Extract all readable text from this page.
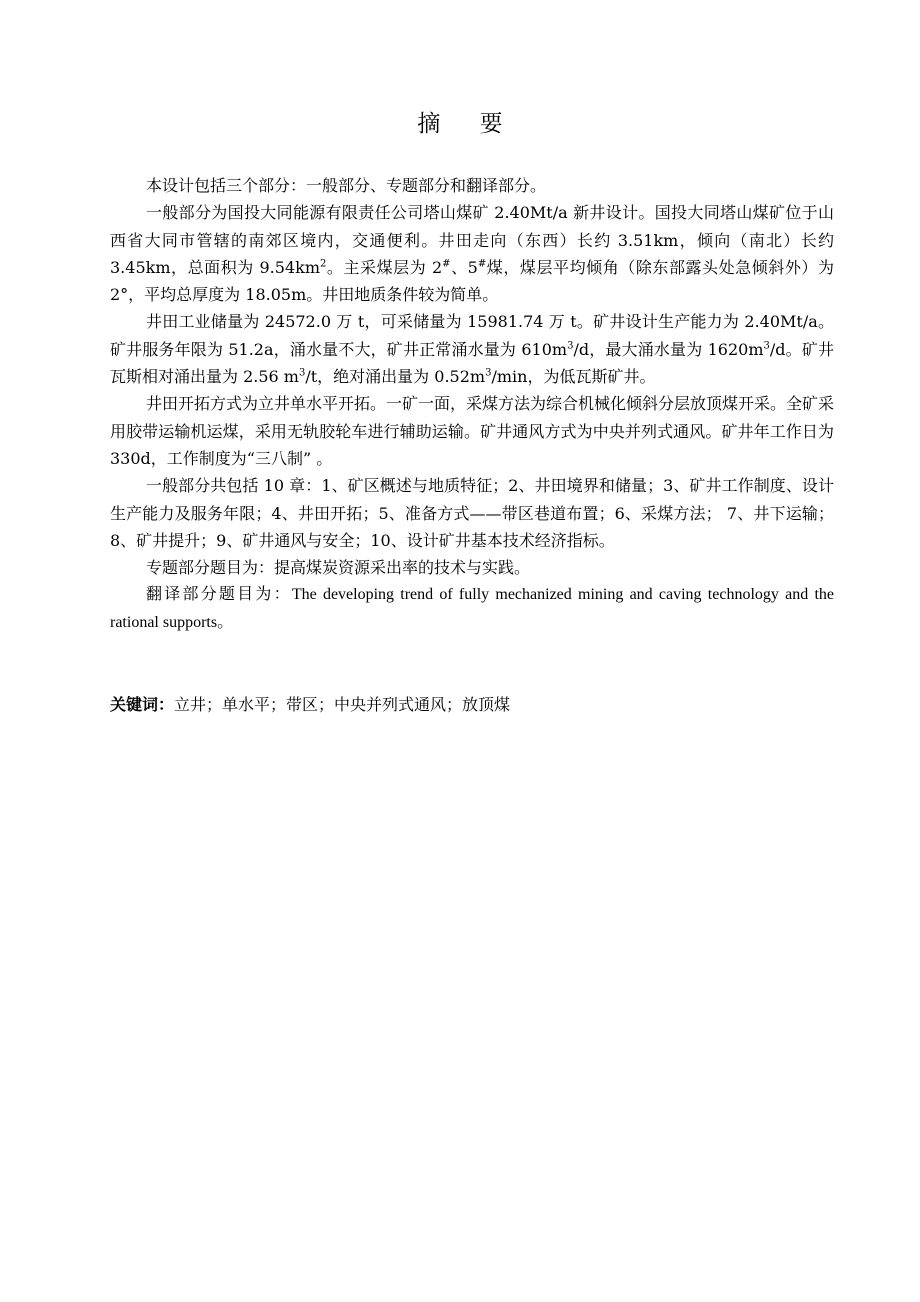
摘 要

本设计包括三个部分：一般部分、专题部分和翻译部分。

一般部分为国投大同能源有限责任公司塔山煤矿 2.40Mt/a 新井设计。国投大同塔山煤矿位于山西省大同市管辖的南郊区境内，交通便利。井田走向（东西）长约 3.51km，倾向（南北）长约 3.45km，总面积为 $9.54km^2$。主采煤层为 2#、5#煤，煤层平均倾角（除东部露头处急倾斜外）为 2°，平均总厚度为 18.05m。井田地质条件较为简单。

井田工业储量为 24572.0 万 t，可采储量为 15981.74 万 t。矿井设计生产能力为 2.40Mt/a。矿井服务年限为 51.2a，涌水量不大，矿井正常涌水量为 $610m^3/d$，最大涌水量为 $1620m^3/d$。矿井瓦斯相对涌出量为 2.56 $m^3/t$，绝对涌出量为 $0.52m^3/\min$，为低瓦斯矿井。

井田开拓方式为立井单水平开拓。一矿一面，采煤方法为综合机械化倾斜分层放顶煤开采。全矿采用胶带运输机运煤，采用无轨胶轮车进行辅助运输。矿井通风方式为中央并列式通风。矿井年工作日为 330d，工作制度为“三八制” 。

一般部分共包括 10 章：1、矿区概述与地质特征；2、井田境界和储量；3、矿井工作制度、设计生产能力及服务年限；4、井田开拓；5、准备方式——带区巷道布置；6、采煤方法； 7、井下运输；8、矿井提升；9、矿井通风与安全；10、设计矿井基本技术经济指标。

专题部分题目为：提高煤炭资源采出率的技术与实践。

翻译部分题目为：The developing trend of fully mechanized mining and caving technology and the rational supports。

关键词：立井；单水平；带区；中央并列式通风；放顶煤
